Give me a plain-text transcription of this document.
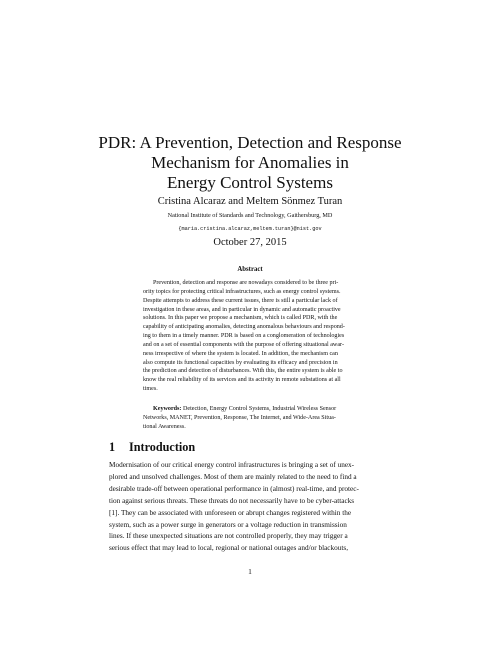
PDR: A Prevention, Detection and Response
Mechanism for Anomalies in
Energy Control Systems
Cristina Alcaraz and Meltem Sönmez Turan
National Institute of Standards and Technology, Gaithersburg, MD
{maria.cristina.alcaraz,meltem.turan}@nist.gov
October 27, 2015
Abstract
Prevention, detection and response are nowadays considered to be three pri-
ority topics for protecting critical infrastructures, such as energy control systems.
Despite attempts to address these current issues, there is still a particular lack of
investigation in these areas, and in particular in dynamic and automatic proactive
solutions. In this paper we propose a mechanism, which is called PDR, with the
capability of anticipating anomalies, detecting anomalous behaviours and respond-
ing to them in a timely manner. PDR is based on a conglomeration of technologies
and on a set of essential components with the purpose of offering situational awar-
ness irrespective of where the system is located. In addition, the mechanism can
also compute its functional capacities by evaluating its efficacy and precision in
the prediction and detection of disturbances. With this, the entire system is able to
know the real reliability of its services and its activity in remote substations at all
times.
Keywords: Detection, Energy Control Systems, Industrial Wireless Sensor
Networks, MANET, Prevention, Response, The Internet, and Wide-Area Situa-
tional Awareness.
1 Introduction
Modernisation of our critical energy control infrastructures is bringing a set of unex-
plored and unsolved challenges. Most of them are mainly related to the need to find a
desirable trade-off between operational performance in (almost) real-time, and protec-
tion against serious threats. These threats do not necessarily have to be cyber-attacks
[1]. They can be associated with unforeseen or abrupt changes registered within the
system, such as a power surge in generators or a voltage reduction in transmission
lines. If these unexpected situations are not controlled properly, they may trigger a
serious effect that may lead to local, regional or national outages and/or blackouts,
1
